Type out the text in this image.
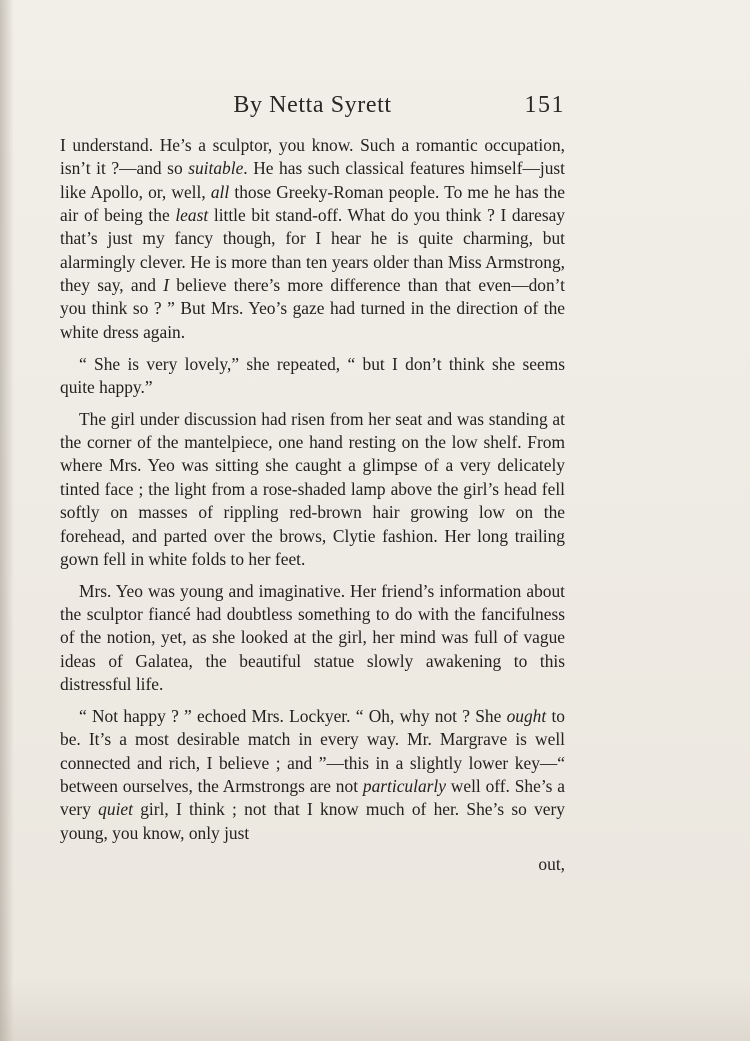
By Netta Syrett	151

I understand. He’s a sculptor, you know. Such a romantic occupation, isn’t it ?—and so suitable. He has such classical features himself—just like Apollo, or, well, all those Greeky-Roman people. To me he has the air of being the least little bit stand-off. What do you think ? I daresay that’s just my fancy though, for I hear he is quite charming, but alarmingly clever. He is more than ten years older than Miss Armstrong, they say, and I believe there’s more difference than that even—don’t you think so ? ” But Mrs. Yeo’s gaze had turned in the direction of the white dress again.

“ She is very lovely,” she repeated, “ but I don’t think she seems quite happy.”

The girl under discussion had risen from her seat and was standing at the corner of the mantelpiece, one hand resting on the low shelf. From where Mrs. Yeo was sitting she caught a glimpse of a very delicately tinted face ; the light from a rose-shaded lamp above the girl’s head fell softly on masses of rippling red-brown hair growing low on the forehead, and parted over the brows, Clytie fashion. Her long trailing gown fell in white folds to her feet.

Mrs. Yeo was young and imaginative. Her friend’s information about the sculptor fiancé had doubtless something to do with the fancifulness of the notion, yet, as she looked at the girl, her mind was full of vague ideas of Galatea, the beautiful statue slowly awakening to this distressful life.

“ Not happy ? ” echoed Mrs. Lockyer. “ Oh, why not ? She ought to be. It’s a most desirable match in every way. Mr. Margrave is well connected and rich, I believe ; and ”—this in a slightly lower key—“ between ourselves, the Armstrongs are not particularly well off. She’s a very quiet girl, I think ; not that I know much of her. She’s so very young, you know, only just

out,
